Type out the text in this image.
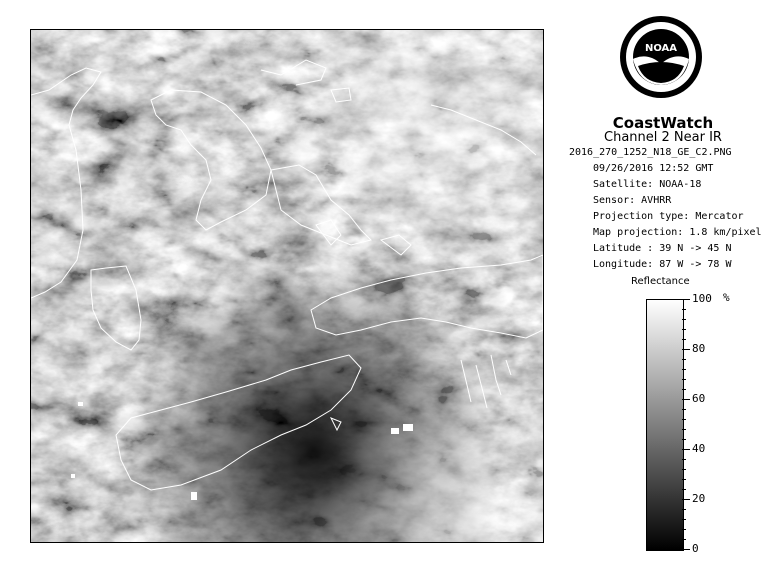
NOAA
CoastWatch
Channel 2 Near IR
2016_270_1252_N18_GE_C2.PNG
09/26/2016 12:52 GMT
Satellite: NOAA-18
Sensor: AVHRR
Projection type: Mercator
Map projection: 1.8 km/pixel
Latitude : 39 N -> 45 N
Longitude: 87 W -> 78 W
Reflectance
%
100
80
60
40
20
0
